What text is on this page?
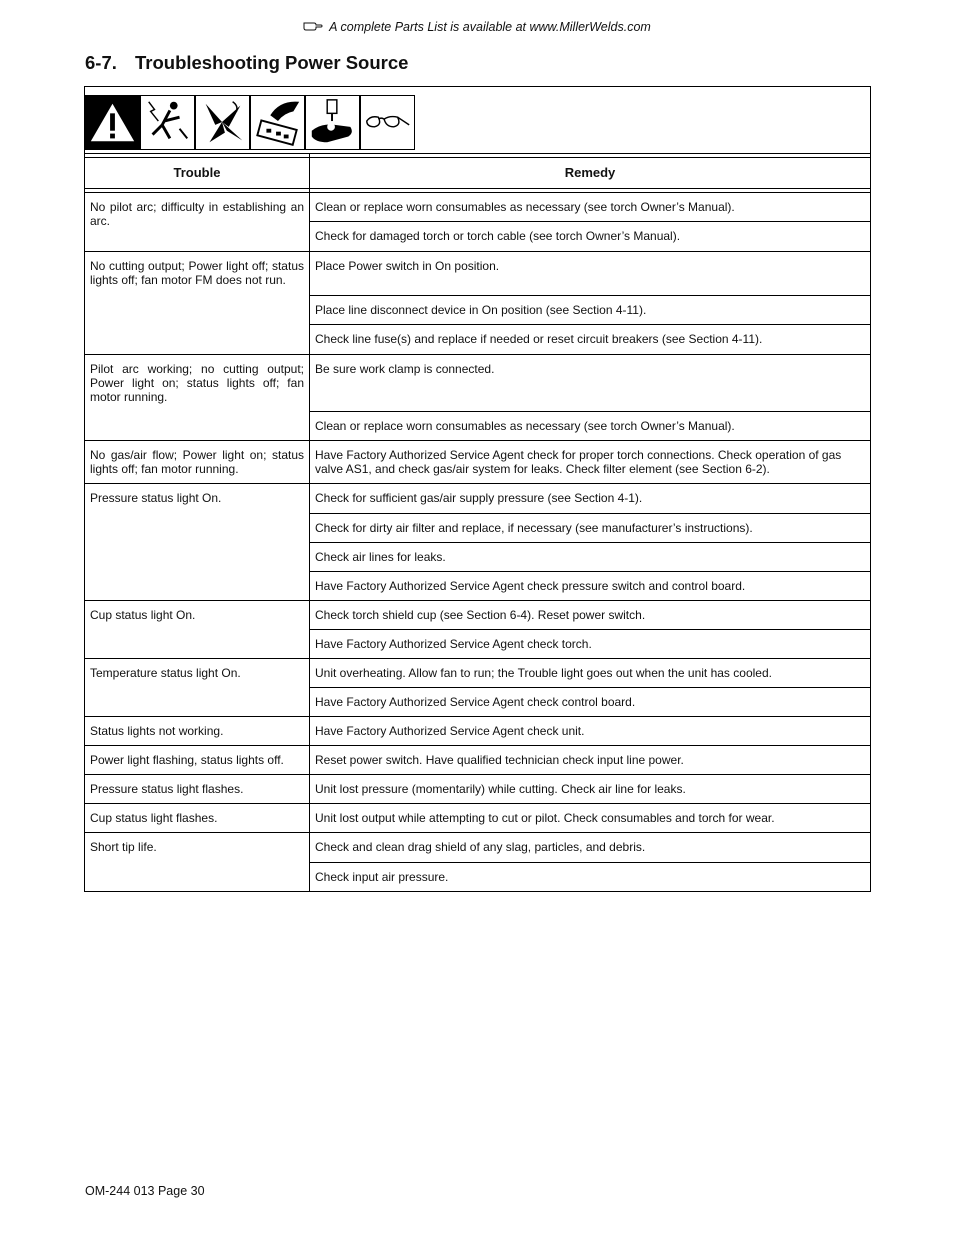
A complete Parts List is available at www.MillerWelds.com
6-7. Troubleshooting Power Source

Trouble	Remedy

No pilot arc; difficulty in establishing an arc.	Clean or replace worn consumables as necessary (see torch Owner’s Manual).
	Check for damaged torch or torch cable (see torch Owner’s Manual).
No cutting output; Power light off; status lights off; fan motor FM does not run.	Place Power switch in On position.
	Place line disconnect device in On position (see Section 4-11).
	Check line fuse(s) and replace if needed or reset circuit breakers (see Section 4-11).
Pilot arc working; no cutting output; Power light on; status lights off; fan motor running.	Be sure work clamp is connected.
	Clean or replace worn consumables as necessary (see torch Owner’s Manual).
No gas/air flow; Power light on; status lights off; fan motor running.	Have Factory Authorized Service Agent check for proper torch connections. Check operation of gas valve AS1, and check gas/air system for leaks. Check filter element (see Section 6-2).
Pressure status light On.	Check for sufficient gas/air supply pressure (see Section 4-1).
	Check for dirty air filter and replace, if necessary (see manufacturer’s instructions).
	Check air lines for leaks.
	Have Factory Authorized Service Agent check pressure switch and control board.
Cup status light On.	Check torch shield cup (see Section 6-4). Reset power switch.
	Have Factory Authorized Service Agent check torch.
Temperature status light On.	Unit overheating. Allow fan to run; the Trouble light goes out when the unit has cooled.
	Have Factory Authorized Service Agent check control board.
Status lights not working.	Have Factory Authorized Service Agent check unit.
Power light flashing, status lights off.	Reset power switch. Have qualified technician check input line power.
Pressure status light flashes.	Unit lost pressure (momentarily) while cutting. Check air line for leaks.
Cup status light flashes.	Unit lost output while attempting to cut or pilot. Check consumables and torch for wear.
Short tip life.	Check and clean drag shield of any slag, particles, and debris.
	Check input air pressure.
OM-244 013 Page 30
